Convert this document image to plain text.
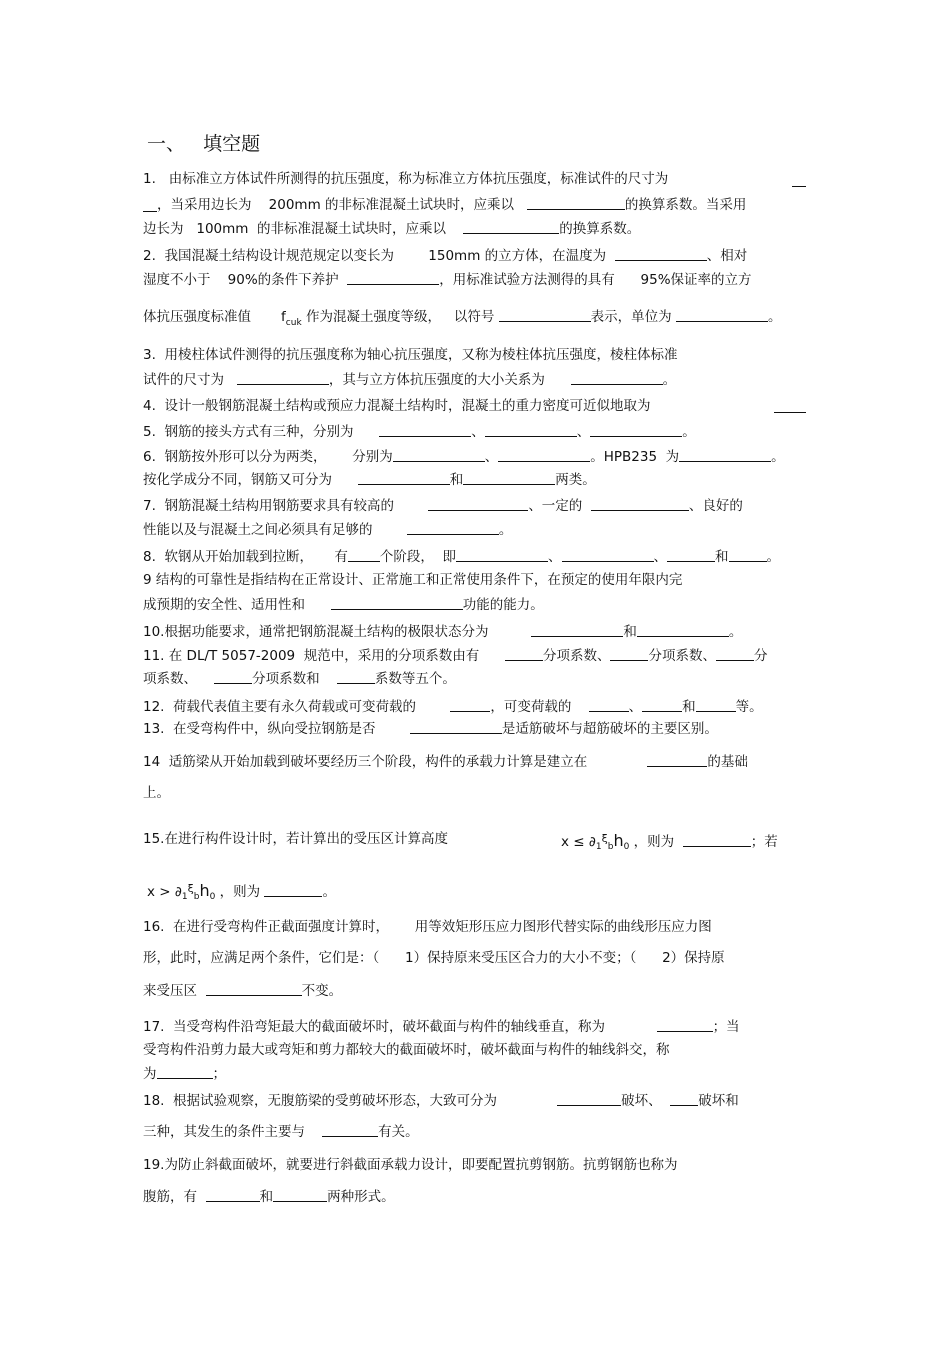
一、   填空题
1.   由标准立方体试件所测得的抗压强度，称为标准立方体抗压强度，标准试件的尺寸为
，当采用边长为    200mm 的非标准混凝土试块时，应乘以	的换算系数。当采用
边长为   100mm  的非标准混凝土试块时，应乘以	的换算系数。
2.  我国混凝土结构设计规范规定以变长为        150mm 的立方体，在温度为	、相对
湿度不小于    90%的条件下养护	，用标准试验方法测得的具有      95%保证率的立方
体抗压强度标准值       $f_{cuk}$ 作为混凝土强度等级，   以符号	表示，单位为	。
3.  用棱柱体试件测得的抗压强度称为轴心抗压强度，又称为棱柱体抗压强度，棱柱体标准
试件的尺寸为	，其与立方体抗压强度的大小关系为	。
4.  设计一般钢筋混凝土结构或预应力混凝土结构时，混凝土的重力密度可近似地取为
5.  钢筋的接头方式有三种，分别为	、	、	。
6.  钢筋按外形可以分为两类，      分别为	、	。HPB235  为	。
按化学成分不同，钢筋又可分为	和	两类。
7.  钢筋混凝土结构用钢筋要求具有较高的	、一定的	、良好的
性能以及与混凝土之间必须具有足够的	。
8.  软钢从开始加载到拉断，     有 个阶段，  即	、	、	和	。
9 结构的可靠性是指结构在正常设计、正常施工和正常使用条件下，在预定的使用年限内完
成预期的安全性、适用性和	功能的能力。
10.根据功能要求，通常把钢筋混凝土结构的极限状态分为	和	。
11. 在 DL/T 5057-2009  规范中，采用的分项系数由有	分项系数、	分项系数、	分
项系数、	分项系数和	系数等五个。
12.  荷载代表值主要有永久荷载或可变荷载的	，可变荷载的	、	和	等。
13.  在受弯构件中，纵向受拉钢筋是否	是适筋破坏与超筋破坏的主要区别。
14  适筋梁从开始加载到破坏要经历三个阶段，构件的承载力计算是建立在	的基础
上。
15.在进行构件设计时，若计算出的受压区计算高度	$x \le \partial_1^\xi_bh_0$ ，则为	；若
$x > \partial_1^\xi_bh_0$ ，则为	。
16.  在进行受弯构件正截面强度计算时，      用等效矩形压应力图形代替实际的曲线形压应力图
形，此时，应满足两个条件，它们是：（      1）保持原来受压区合力的大小不变；（      2）保持原
来受压区	不变。
17.  当受弯构件沿弯矩最大的截面破坏时，破坏截面与构件的轴线垂直，称为	；当
受弯构件沿剪力最大或弯矩和剪力都较大的截面破坏时，破坏截面与构件的轴线斜交，称
为	；
18.  根据试验观察，无腹筋梁的受剪破坏形态，大致可分为	破坏、	破坏和
三种，其发生的条件主要与	有关。
19.为防止斜截面破坏，就要进行斜截面承载力设计，即要配置抗剪钢筋。抗剪钢筋也称为
腹筋，有	和	两种形式。
